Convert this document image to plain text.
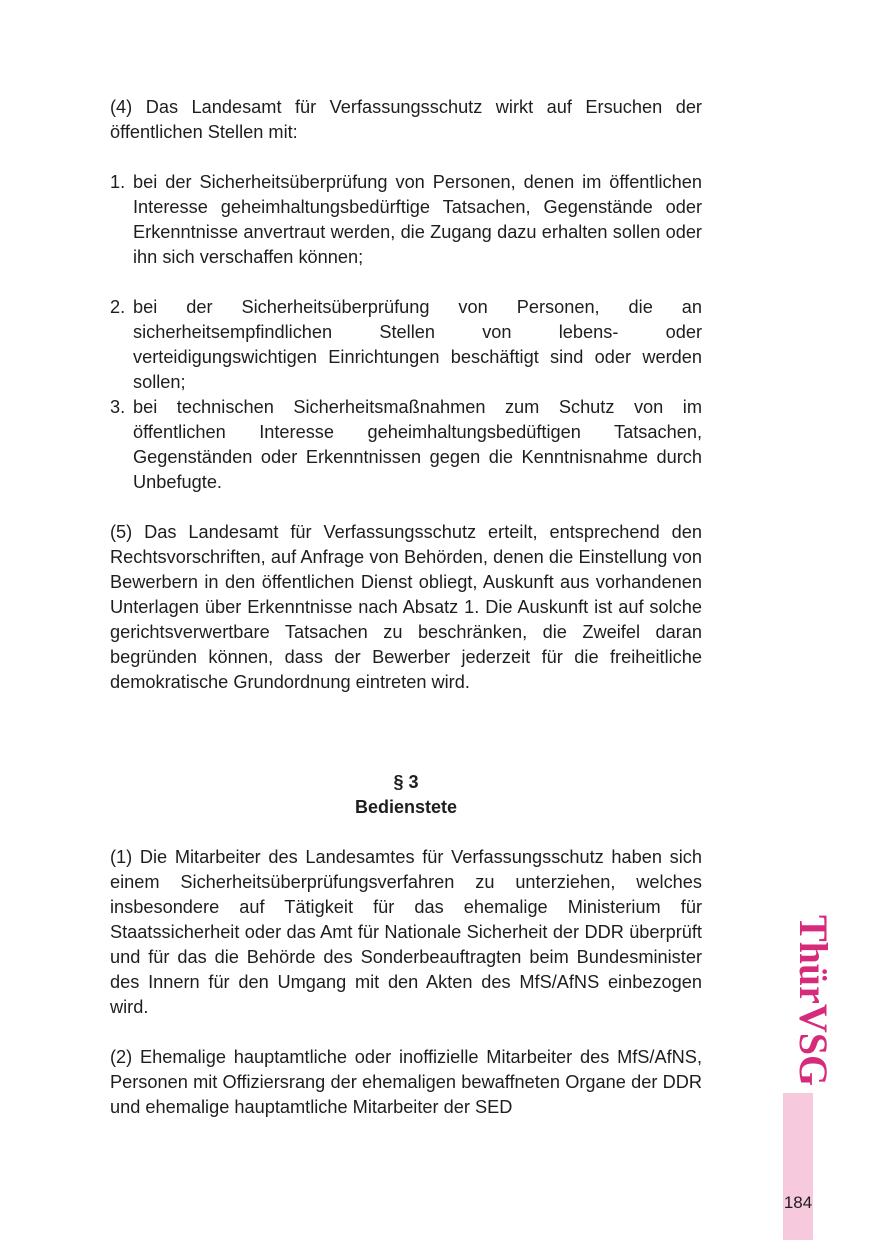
(4) Das Landesamt für Verfassungsschutz wirkt auf Ersuchen der öffentlichen Stellen mit:

1. bei der Sicherheitsüberprüfung von Personen, denen im öffentlichen Interesse geheimhaltungsbedürftige Tatsachen, Gegenstände oder Erkenntnisse anvertraut werden, die Zugang dazu erhalten sollen oder ihn sich verschaffen können;
2. bei der Sicherheitsüberprüfung von Personen, die an sicherheitsempfindlichen Stellen von lebens- oder verteidigungswichtigen Einrichtungen beschäftigt sind oder werden sollen;
3. bei technischen Sicherheitsmaßnahmen zum Schutz von im öffentlichen Interesse geheimhaltungsbedüftigen Tatsachen, Gegenständen oder Erkenntnissen gegen die Kenntnisnahme durch Unbefugte.

(5) Das Landesamt für Verfassungsschutz erteilt, entsprechend den Rechtsvorschriften, auf Anfrage von Behörden, denen die Einstellung von Bewerbern in den öffentlichen Dienst obliegt, Auskunft aus vorhandenen Unterlagen über Erkenntnisse nach Absatz 1. Die Auskunft ist auf solche gerichtsverwertbare Tatsachen zu beschränken, die Zweifel daran begründen können, dass der Bewerber jederzeit für die freiheitliche demokratische Grundordnung eintreten wird.

§ 3
Bedienstete

(1) Die Mitarbeiter des Landesamtes für Verfassungsschutz haben sich einem Sicherheitsüberprüfungsverfahren zu unterziehen, welches insbesondere auf Tätigkeit für das ehemalige Ministerium für Staatssicherheit oder das Amt für Nationale Sicherheit der DDR überprüft und für das die Behörde des Sonderbeauftragten beim Bundesminister des Innern für den Umgang mit den Akten des MfS/AfNS einbezogen wird.

(2) Ehemalige hauptamtliche oder inoffizielle Mitarbeiter des MfS/AfNS, Personen mit Offiziersrang der ehemaligen bewaffneten Organe der DDR und ehemalige hauptamtliche Mitarbeiter der SED

ThürVSG
184
